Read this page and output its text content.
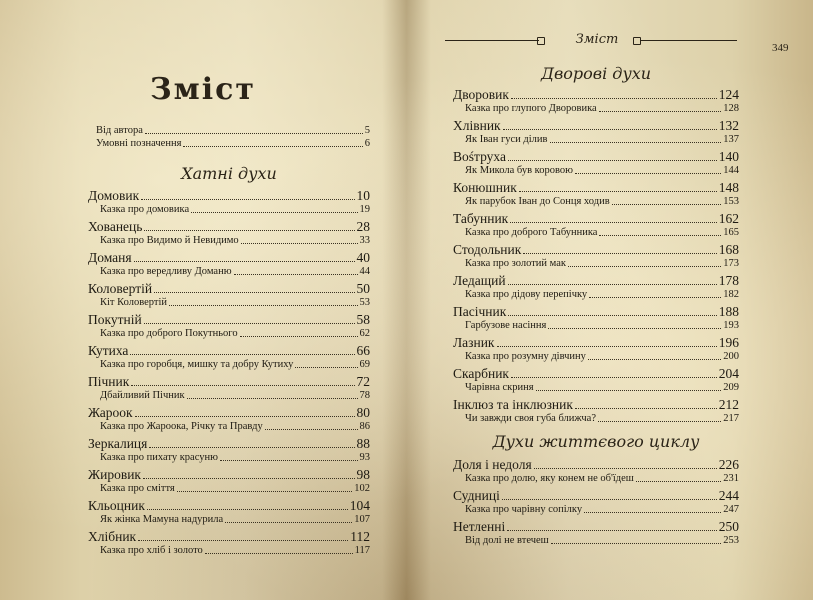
Зміст
Від автора	5
Умовні позначення	6
Хатні духи
Домовик	10
Казка про домовика	19
Хованець	28
Казка про Видимо й Невидимо	33
Доманя	40
Казка про вередливу Доманю	44
Коловертій	50
Кіт Коловертій	53
Покутній	58
Казка про доброго Покутнього	62
Кутиха	66
Казка про горобця, мишку та добру Кутиху	69
Пічник	72
Дбайливий Пічник	78
Жароок	80
Казка про Жароока, Річку та Правду	86
Зеркалиця	88
Казка про пихату красуню	93
Жировик	98
Казка про сміття	102
Кльоцник	104
Як жінка Мамуна надурила	107
Хлібник	112
Казка про хліб і золото	117
Зміст
349
Дворові духи
Дворовик	124
Казка про глупого Дворовика	128
Хлівник	132
Як Іван гуси ділив	137
Вośтруха	140
Як Микола був коровою	144
Конюшник	148
Як парубок Іван до Сонця ходив	153
Табунник	162
Казка про доброго Табунника	165
Стодольник	168
Казка про золотий мак	173
Ледащий	178
Казка про дідову перепічку	182
Пасічник	188
Гарбузове насіння	193
Лазник	196
Казка про розумну дівчину	200
Скарбник	204
Чарівна скриня	209
Інклюз та інклюзник	212
Чи завжди своя губа ближча?	217
Духи життєвого циклу
Доля і недоля	226
Казка про долю, яку конем не об'їдеш	231
Судниці	244
Казка про чарівну сопілку	247
Нетленні	250
Від долі не втечеш	253
